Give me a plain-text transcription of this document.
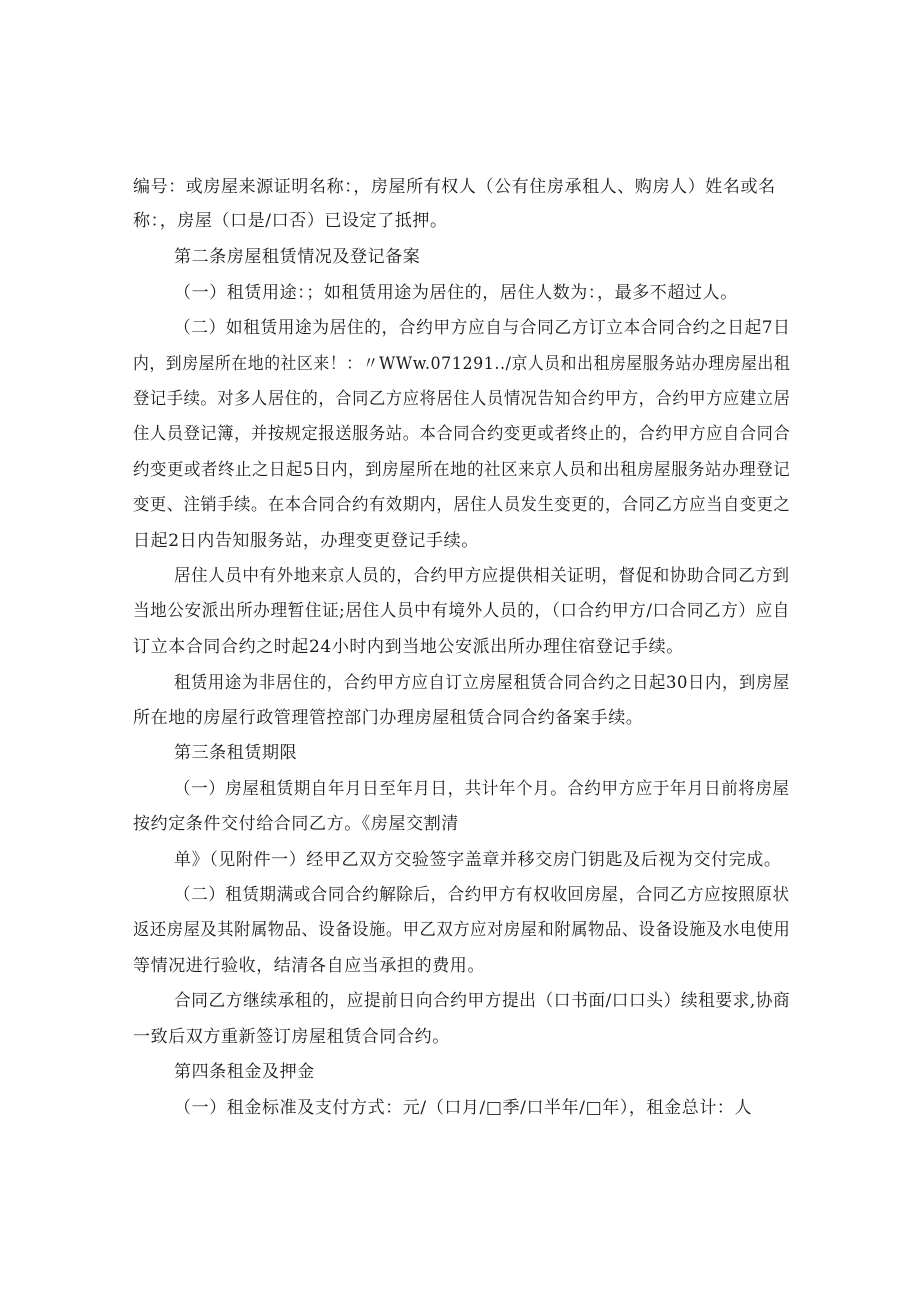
编号：或房屋来源证明名称：，房屋所有权人（公有住房承租人、购房人）姓名或名
称：，房屋（口是/口否）已设定了抵押。
第二条房屋租赁情况及登记备案
（一）租赁用途：；如租赁用途为居住的，居住人数为：，最多不超过人。
（二）如租赁用途为居住的，合约甲方应自与合同乙方订立本合同合约之日起7日
内，到房屋所在地的社区来！：〃WWw.071291../京人员和出租房屋服务站办理房屋出租
登记手续。对多人居住的，合同乙方应将居住人员情况告知合约甲方，合约甲方应建立居
住人员登记簿，并按规定报送服务站。本合同合约变更或者终止的，合约甲方应自合同合
约变更或者终止之日起5日内，到房屋所在地的社区来京人员和出租房屋服务站办理登记
变更、注销手续。在本合同合约有效期内，居住人员发生变更的，合同乙方应当自变更之
日起2日内告知服务站，办理变更登记手续。
居住人员中有外地来京人员的，合约甲方应提供相关证明，督促和协助合同乙方到
当地公安派出所办理暂住证;居住人员中有境外人员的，（口合约甲方/口合同乙方）应自
订立本合同合约之时起24小时内到当地公安派出所办理住宿登记手续。
租赁用途为非居住的，合约甲方应自订立房屋租赁合同合约之日起30日内，到房屋
所在地的房屋行政管理管控部门办理房屋租赁合同合约备案手续。
第三条租赁期限
（一）房屋租赁期自年月日至年月日，共计年个月。合约甲方应于年月日前将房屋
按约定条件交付给合同乙方。《房屋交割清
单》（见附件一）经甲乙双方交验签字盖章并移交房门钥匙及后视为交付完成。
（二）租赁期满或合同合约解除后，合约甲方有权收回房屋，合同乙方应按照原状
返还房屋及其附属物品、设备设施。甲乙双方应对房屋和附属物品、设备设施及水电使用
等情况进行验收，结清各自应当承担的费用。
合同乙方继续承租的，应提前日向合约甲方提出（口书面/口口头）续租要求,协商
一致后双方重新签订房屋租赁合同合约。
第四条租金及押金
（一）租金标准及支付方式：元/（口月/□季/口半年/□年），租金总计：人
